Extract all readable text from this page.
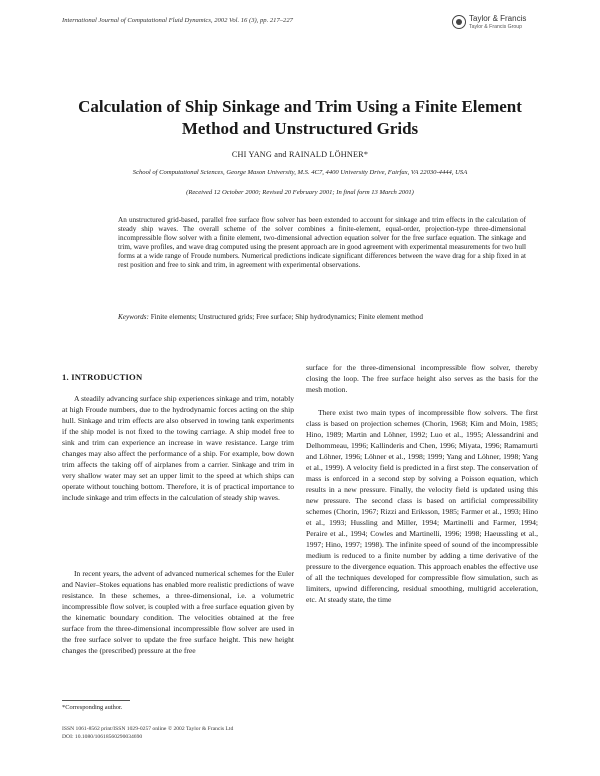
International Journal of Computational Fluid Dynamics, 2002 Vol. 16 (3), pp. 217–227	Taylor & Francis
Taylor & Francis Group
Calculation of Ship Sinkage and Trim Using a Finite Element
Method and Unstructured Grids
CHI YANG and RAINALD LÖHNER*
School of Computational Sciences, George Mason University, M.S. 4C7, 4400 University Drive, Fairfax, VA 22030-4444, USA
(Received 12 October 2000; Revised 20 February 2001; In final form 13 March 2001)

An unstructured grid-based, parallel free surface flow solver has been extended to account for sinkage and trim effects in the calculation of steady ship waves. The overall scheme of the solver combines a finite-element, equal-order, projection-type three-dimensional incompressible flow solver with a finite element, two-dimensional advection equation solver for the free surface equation. The sinkage and trim, wave profiles, and wave drag computed using the present approach are in good agreement with experimental measurements for two hull forms at a wide range of Froude numbers. Numerical predictions indicate significant differences between the wave drag for a ship fixed in at rest position and free to sink and trim, in agreement with experimental observations.

Keywords: Finite elements; Unstructured grids; Free surface; Ship hydrodynamics; Finite element method

1. INTRODUCTION

A steadily advancing surface ship experiences sinkage and trim, notably at high Froude numbers, due to the hydrodynamic forces acting on the ship hull. Sinkage and trim effects are also observed in towing tank experiments if the ship model is not fixed to the towing carriage. A ship model free to sink and trim can experience an increase in wave resistance. Large trim changes may also affect the performance of a ship. For example, bow down trim affects the taking off of airplanes from a carrier. Sinkage and trim in very shallow water may set an upper limit to the speed at which ships can operate without touching bottom. Therefore, it is of practical importance to include sinkage and trim effects in the calculation of steady ship waves.

In recent years, the advent of advanced numerical schemes for the Euler and Navier–Stokes equations has enabled more realistic predictions of wave resistance. In these schemes, a three-dimensional, i.e. a volumetric incompressible flow solver, is coupled with a free surface equation given by the kinematic boundary condition. The velocities obtained at the free surface from the three-dimensional incompressible flow solver are used in the free surface solver to update the free surface height. This new height changes the (prescribed) pressure at the free

surface for the three-dimensional incompressible flow solver, thereby closing the loop. The free surface height also serves as the basis for the mesh motion.

There exist two main types of incompressible flow solvers. The first class is based on projection schemes (Chorin, 1968; Kim and Moin, 1985; Hino, 1989; Martin and Löhner, 1992; Luo et al., 1995; Alessandrini and Delhommeau, 1996; Kallinderis and Chen, 1996; Miyata, 1996; Ramamurti and Löhner, 1996; Löhner et al., 1998; 1999; Yang and Löhner, 1998; Yang et al., 1999). A velocity field is predicted in a first step. The conservation of mass is enforced in a second step by solving a Poisson equation, which results in a new pressure. Finally, the velocity field is updated using this new pressure. The second class is based on artificial compressibility schemes (Chorin, 1967; Rizzi and Eriksson, 1985; Farmer et al., 1993; Hino et al., 1993; Hussling and Miller, 1994; Martinelli and Farmer, 1994; Peraire et al., 1994; Cowles and Martinelli, 1996; 1998; Haeussling et al., 1997; Hino, 1997; 1998). The infinite speed of sound of the incompressible medium is reduced to a finite number by adding a time derivative of the pressure to the divergence equation. This approach enables the effective use of all the techniques developed for compressible flow simulation, such as limiters, upwind differencing, residual smoothing, multigrid acceleration, etc. At steady state, the time

*Corresponding author.
ISSN 1061-8562 print/ISSN 1029-0257 online © 2002 Taylor & Francis Ltd
DOI: 10.1080/10618560290034690
